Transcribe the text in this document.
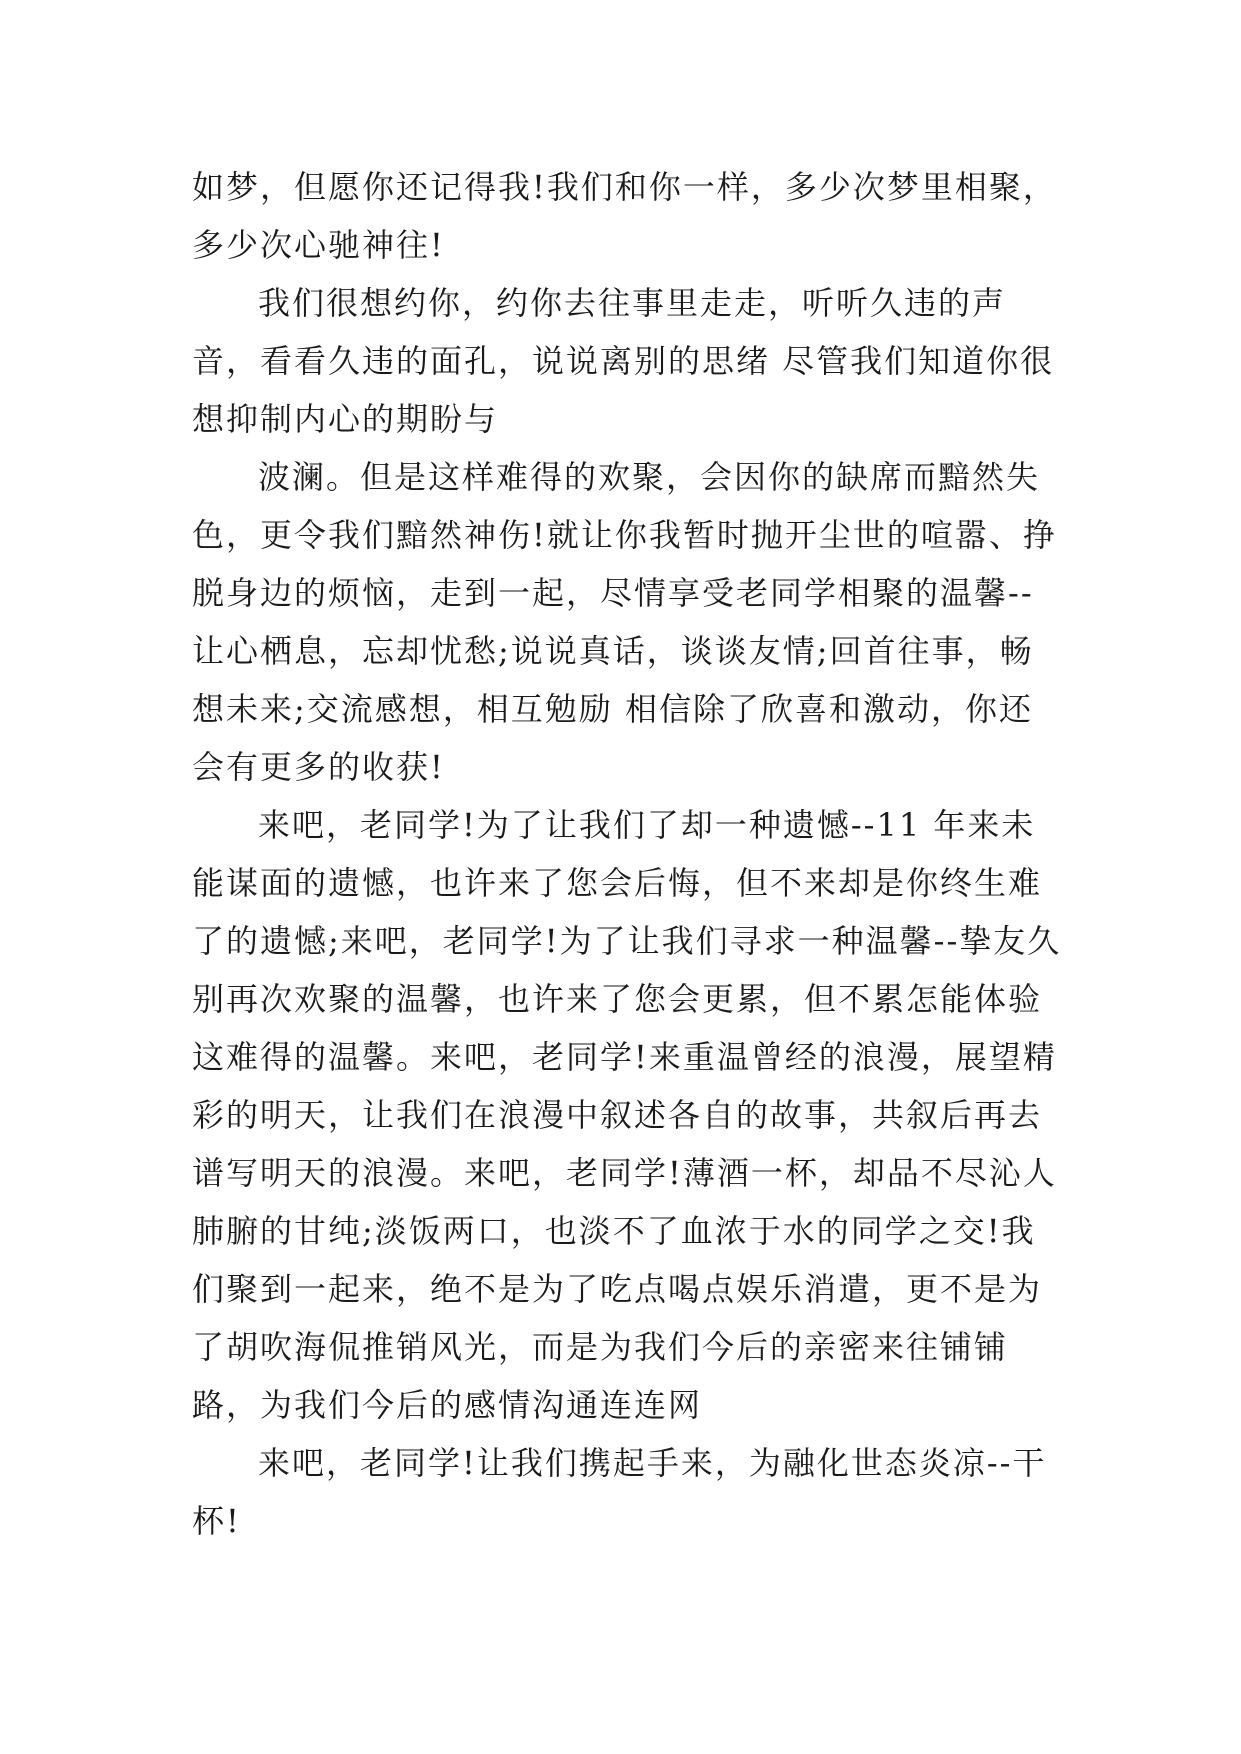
如梦，但愿你还记得我!我们和你一样，多少次梦里相聚，多少次心驰神往!

我们很想约你，约你去往事里走走，听听久违的声音，看看久违的面孔，说说离别的思绪 尽管我们知道你很想抑制内心的期盼与

波澜。但是这样难得的欢聚，会因你的缺席而黯然失色，更令我们黯然神伤!就让你我暂时抛开尘世的喧嚣、挣脱身边的烦恼，走到一起，尽情享受老同学相聚的温馨--让心栖息，忘却忧愁;说说真话，谈谈友情;回首往事，畅想未来;交流感想，相互勉励 相信除了欣喜和激动，你还会有更多的收获!

来吧，老同学!为了让我们了却一种遗憾--11 年来未能谋面的遗憾，也许来了您会后悔，但不来却是你终生难了的遗憾;来吧，老同学!为了让我们寻求一种温馨--挚友久别再次欢聚的温馨，也许来了您会更累，但不累怎能体验这难得的温馨。来吧，老同学!来重温曾经的浪漫，展望精彩的明天，让我们在浪漫中叙述各自的故事，共叙后再去谱写明天的浪漫。来吧，老同学!薄酒一杯，却品不尽沁人肺腑的甘纯;淡饭两口，也淡不了血浓于水的同学之交!我们聚到一起来，绝不是为了吃点喝点娱乐消遣，更不是为了胡吹海侃推销风光，而是为我们今后的亲密来往铺铺路，为我们今后的感情沟通连连网

来吧，老同学!让我们携起手来，为融化世态炎凉--干杯!
